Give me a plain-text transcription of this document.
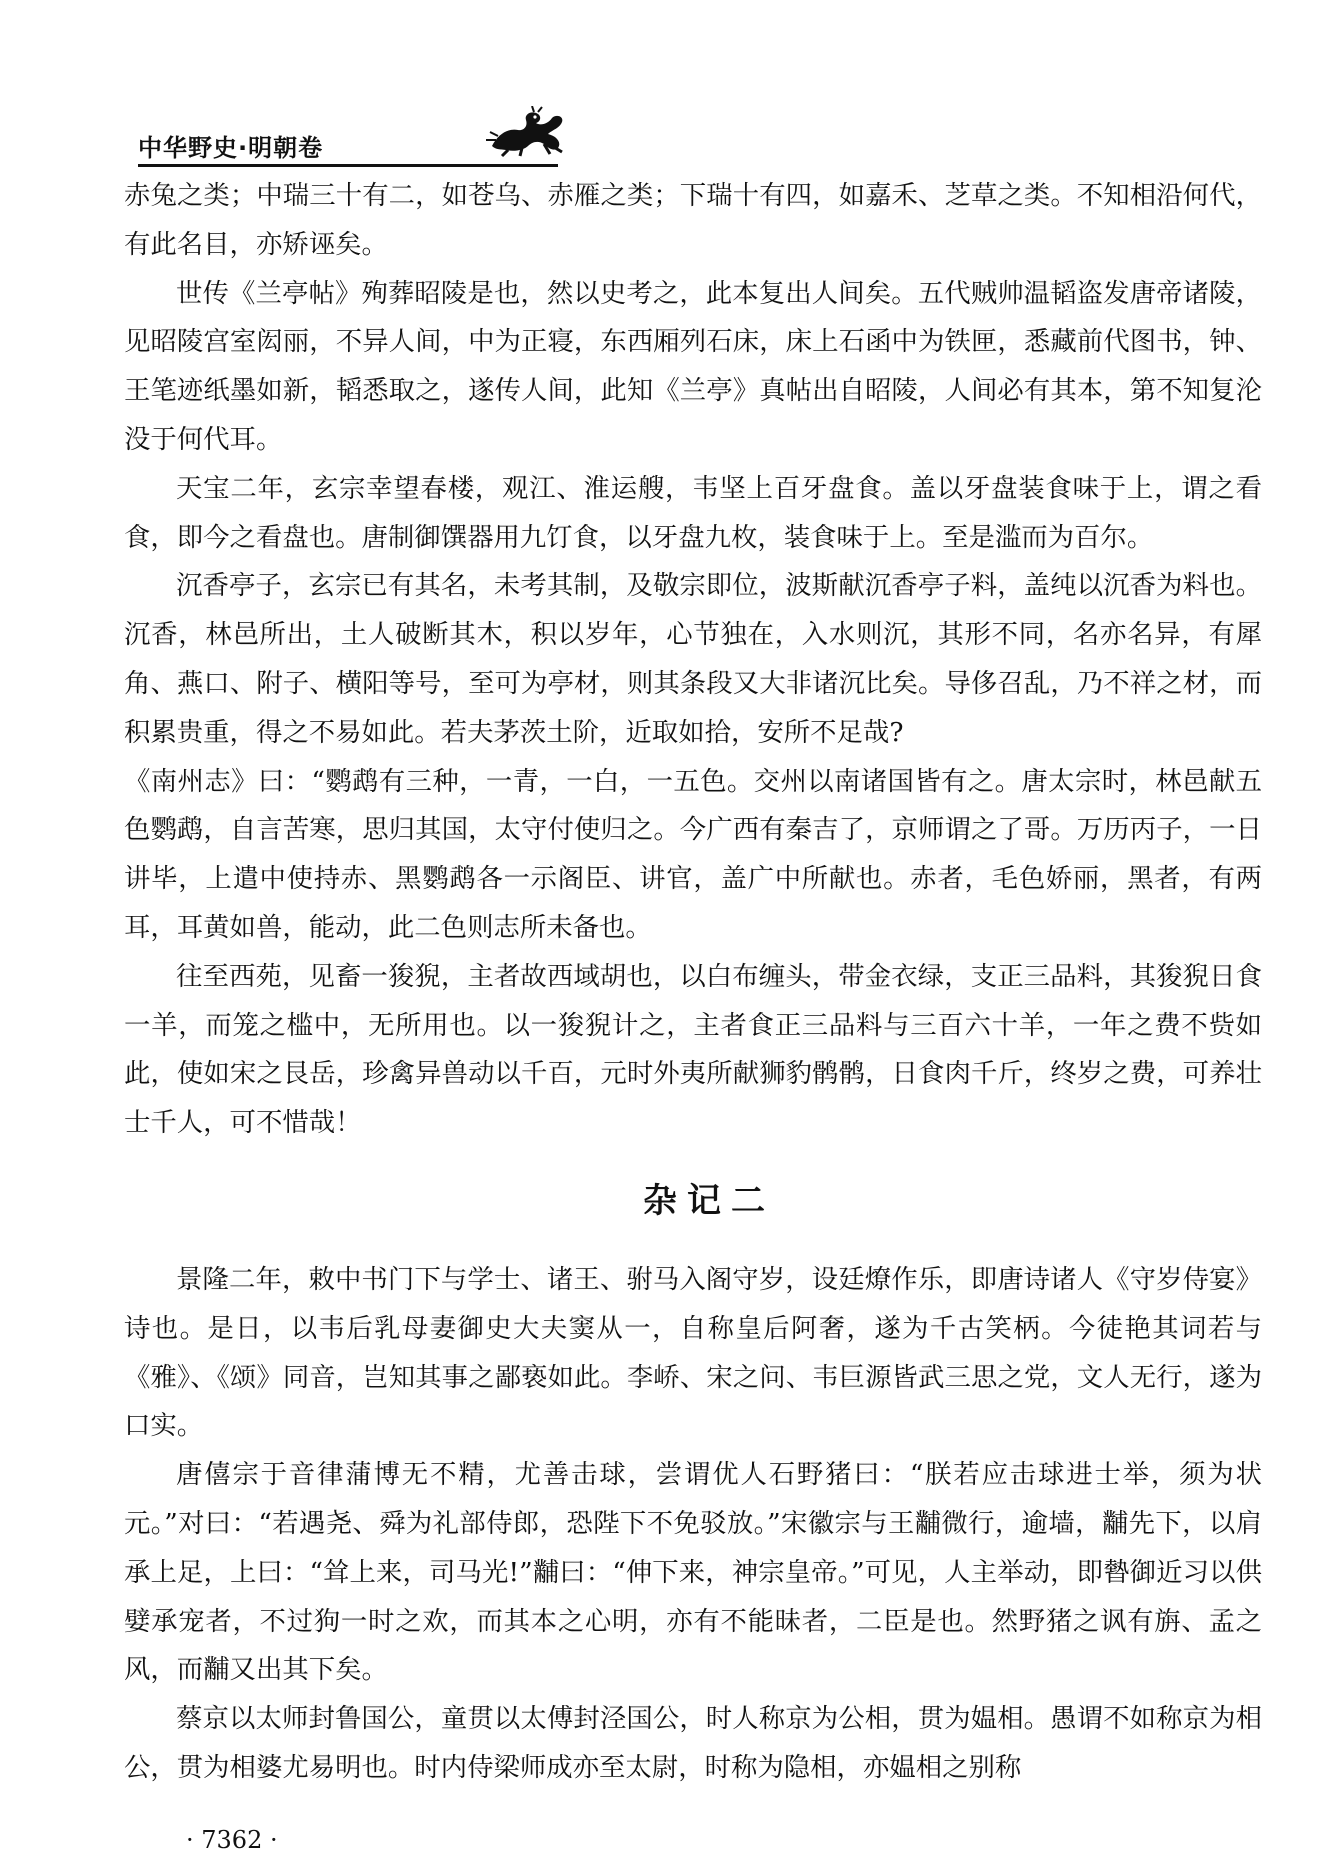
中华野史·明朝卷

赤兔之类；中瑞三十有二，如苍乌、赤雁之类；下瑞十有四，如嘉禾、芝草之类。不知相沿何代，有此名目，亦矫诬矣。

世传《兰亭帖》殉葬昭陵是也，然以史考之，此本复出人间矣。五代贼帅温韬盗发唐帝诸陵，见昭陵宫室闳丽，不异人间，中为正寝，东西厢列石床，床上石函中为铁匣，悉藏前代图书，钟、王笔迹纸墨如新，韬悉取之，遂传人间，此知《兰亭》真帖出自昭陵，人间必有其本，第不知复沦没于何代耳。

天宝二年，玄宗幸望春楼，观江、淮运艘，韦坚上百牙盘食。盖以牙盘装食味于上，谓之看食，即今之看盘也。唐制御馔器用九饤食，以牙盘九枚，装食味于上。至是滥而为百尔。

沉香亭子，玄宗已有其名，未考其制，及敬宗即位，波斯献沉香亭子料，盖纯以沉香为料也。沉香，林邑所出，土人破断其木，积以岁年，心节独在，入水则沉，其形不同，名亦名异，有犀角、燕口、附子、横阳等号，至可为亭材，则其条段又大非诸沉比矣。导侈召乱，乃不祥之材，而积累贵重，得之不易如此。若夫茅茨土阶，近取如拾，安所不足哉?

《南州志》曰：“鹦鹉有三种，一青，一白，一五色。交州以南诸国皆有之。唐太宗时，林邑献五色鹦鹉，自言苦寒，思归其国，太守付使归之。今广西有秦吉了，京师谓之了哥。万历丙子，一日讲毕，上遣中使持赤、黑鹦鹉各一示阁臣、讲官，盖广中所献也。赤者，毛色娇丽，黑者，有两耳，耳黄如兽，能动，此二色则志所未备也。

往至西苑，见畜一狻猊，主者故西域胡也，以白布缠头，带金衣绿，支正三品料，其狻猊日食一羊，而笼之槛中，无所用也。以一狻猊计之，主者食正三品料与三百六十羊，一年之费不赀如此，使如宋之艮岳，珍禽异兽动以千百，元时外夷所献狮豹鹘鹘，日食肉千斤，终岁之费，可养壮士千人，可不惜哉！

杂记二

景隆二年，敕中书门下与学士、诸王、驸马入阁守岁，设廷燎作乐，即唐诗诸人《守岁侍宴》诗也。是日，以韦后乳母妻御史大夫窦从一，自称皇后阿奢，遂为千古笑柄。今徒艳其词若与《雅》、《颂》同音，岂知其事之鄙亵如此。李峤、宋之问、韦巨源皆武三思之党，文人无行，遂为口实。

唐僖宗于音律蒲博无不精，尤善击球，尝谓优人石野猪曰：“朕若应击球进士举，须为状元。”对曰：“若遇尧、舜为礼部侍郎，恐陛下不免驳放。”宋徽宗与王黼微行，逾墙，黼先下，以肩承上足，上曰：“耸上来，司马光!”黼曰：“伸下来，神宗皇帝。”可见，人主举动，即暬御近习以供嬖承宠者，不过狗一时之欢，而其本之心明，亦有不能昧者，二臣是也。然野猪之讽有旃、孟之风，而黼又出其下矣。

蔡京以太师封鲁国公，童贯以太傅封泾国公，时人称京为公相，贯为媪相。愚谓不如称京为相公，贯为相婆尤易明也。时内侍梁师成亦至太尉，时称为隐相，亦媪相之别称

· 7362 ·
